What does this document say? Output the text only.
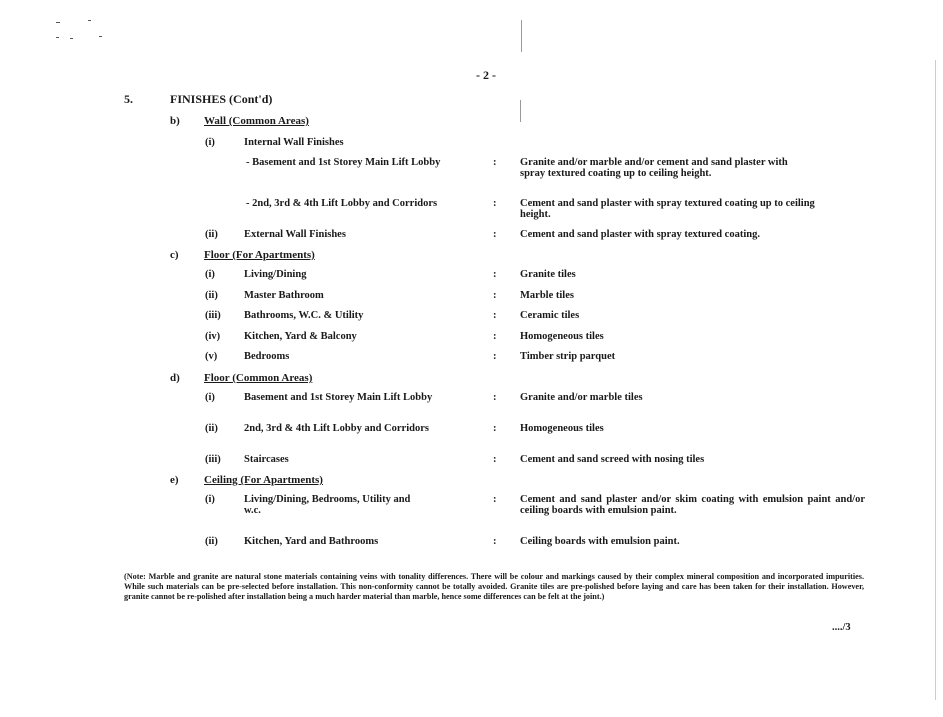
- 2 -
5.	FINISHES (Cont'd)
b) Wall (Common Areas)
(i)	Internal Wall Finishes
- Basement and 1st Storey Main Lift Lobby	: Granite and/or marble and/or cement and sand plaster with spray textured coating up to ceiling height.
- 2nd, 3rd & 4th Lift Lobby and Corridors	: Cement and sand plaster with spray textured coating up to ceiling height.
(ii) External Wall Finishes	: Cement and sand plaster with spray textured coating.
c) Floor (For Apartments)
(i)	Living/Dining	: Granite tiles
(ii) Master Bathroom	: Marble tiles
(iii) Bathrooms, W.C. & Utility	: Ceramic tiles
(iv) Kitchen, Yard & Balcony	: Homogeneous tiles
(v)	Bedrooms	: Timber strip parquet
d) Floor (Common Areas)
(i)	Basement and 1st Storey Main Lift Lobby	: Granite and/or marble tiles
(ii) 2nd, 3rd & 4th Lift Lobby and Corridors	: Homogeneous tiles
(iii) Staircases	: Cement and sand screed with nosing tiles
e) Ceiling (For Apartments)
(i)	Living/Dining, Bedrooms, Utility and w.c.
: Cement and sand plaster and/or skim coating with emulsion paint and/or ceiling boards with emulsion paint.
(ii) Kitchen, Yard and Bathrooms	: Ceiling boards with emulsion paint.
(Note: Marble and granite are natural stone materials containing veins with tonality differences. There will be colour and markings caused by their complex mineral composition and incorporated impurities. While such materials can be pre-selected before installation. This non-conformity cannot be totally avoided. Granite tiles are pre-polished before laying and care has been taken for their installation. However, granite cannot be re-polished after installation being a much harder material than marble, hence some differences can be felt at the joint.)
..../3
